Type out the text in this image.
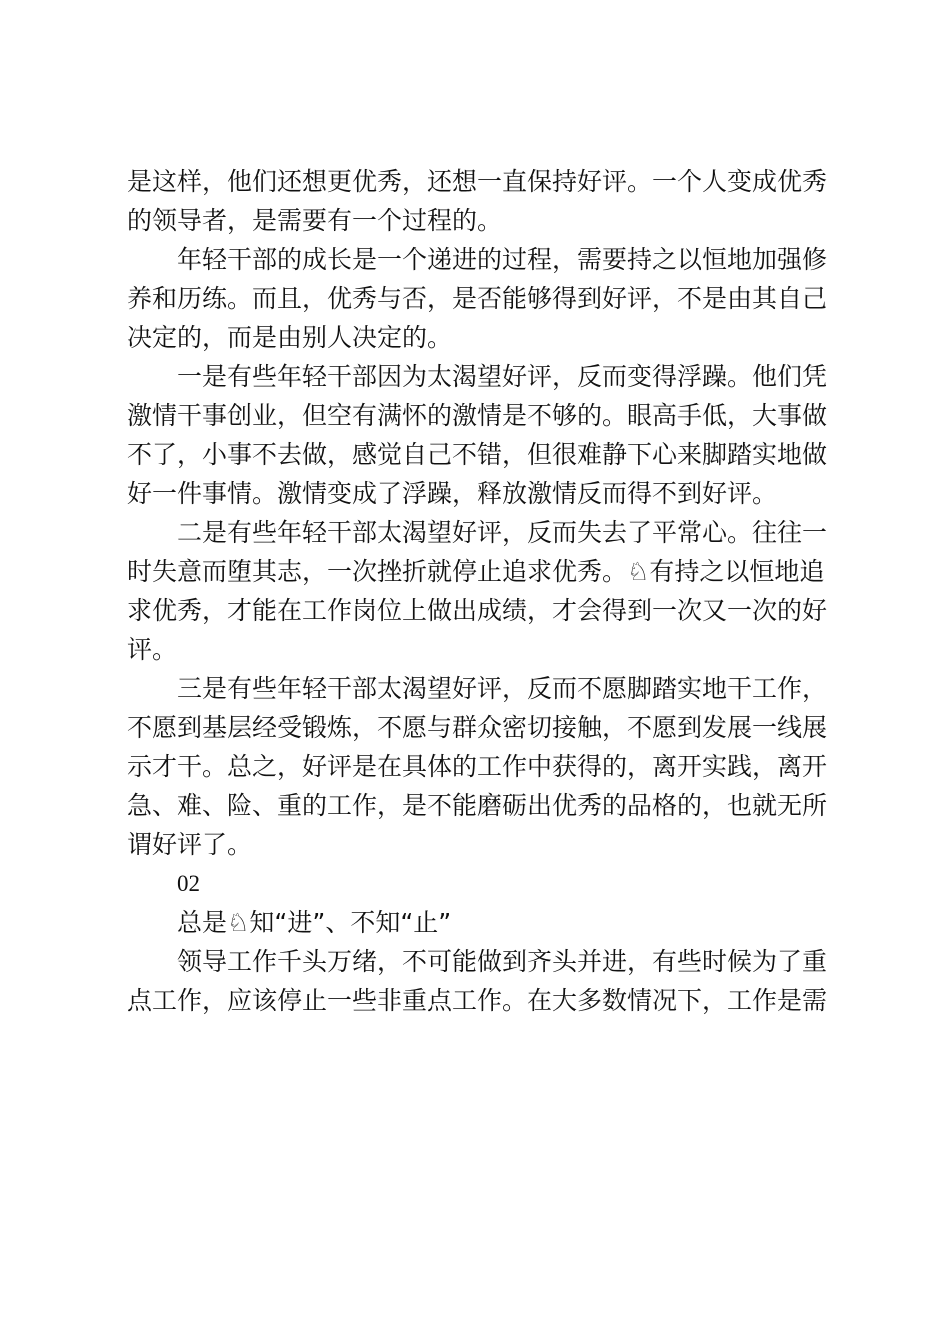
是这样，他们还想更优秀，还想一直保持好评。一个人变成优秀
的领导者，是需要有一个过程的。
年轻干部的成长是一个递进的过程，需要持之以恒地加强修
养和历练。而且，优秀与否，是否能够得到好评，不是由其自己
决定的，而是由别人决定的。
一是有些年轻干部因为太渴望好评，反而变得浮躁。他们凭
激情干事创业，但空有满怀的激情是不够的。眼高手低，大事做
不了，小事不去做，感觉自己不错，但很难静下心来脚踏实地做
好一件事情。激情变成了浮躁，释放激情反而得不到好评。
二是有些年轻干部太渴望好评，反而失去了平常心。往往一
时失意而堕其志，一次挫折就停止追求优秀。♘有持之以恒地追
求优秀，才能在工作岗位上做出成绩，才会得到一次又一次的好
评。
三是有些年轻干部太渴望好评，反而不愿脚踏实地干工作，
不愿到基层经受锻炼，不愿与群众密切接触，不愿到发展一线展
示才干。总之，好评是在具体的工作中获得的，离开实践，离开
急、难、险、重的工作，是不能磨砺出优秀的品格的，也就无所
谓好评了。
02
总是♘知“进”、不知“止”
领导工作千头万绪，不可能做到齐头并进，有些时候为了重
点工作，应该停止一些非重点工作。在大多数情况下，工作是需
